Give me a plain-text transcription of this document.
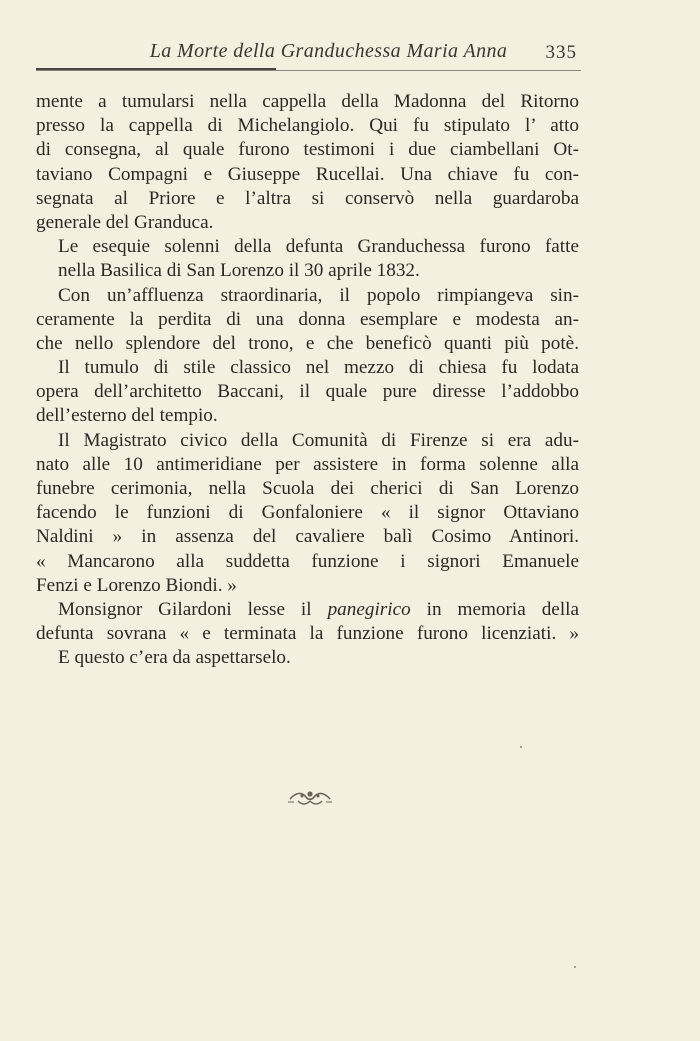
La Morte della Granduchessa Maria Anna	335
mente a tumularsi nella cappella della Madonna del Ritorno
presso la cappella di Michelangiolo. Qui fu stipulato l’ atto
di consegna, al quale furono testimoni i due ciambellani Ot-
taviano Compagni e Giuseppe Rucellai. Una chiave fu con-
segnata al Priore e l’altra si conservò nella guardaroba
generale del Granduca.
Le esequie solenni della defunta Granduchessa furono fatte
nella Basilica di San Lorenzo il 30 aprile 1832.
Con un’affluenza straordinaria, il popolo rimpiangeva sin-
ceramente la perdita di una donna esemplare e modesta an-
che nello splendore del trono, e che beneficò quanti più potè.
Il tumulo di stile classico nel mezzo di chiesa fu lodata
opera dell’architetto Baccani, il quale pure diresse l’addobbo
dell’esterno del tempio.
Il Magistrato civico della Comunità di Firenze si era adu-
nato alle 10 antimeridiane per assistere in forma solenne alla
funebre cerimonia, nella Scuola dei cherici di San Lorenzo
facendo le funzioni di Gonfaloniere « il signor Ottaviano
Naldini » in assenza del cavaliere balì Cosimo Antinori.
« Mancarono alla suddetta funzione i signori Emanuele
Fenzi e Lorenzo Biondi. »
Monsignor Gilardoni lesse il panegirico in memoria della
defunta sovrana « e terminata la funzione furono licenziati. »
E questo c’era da aspettarselo.
